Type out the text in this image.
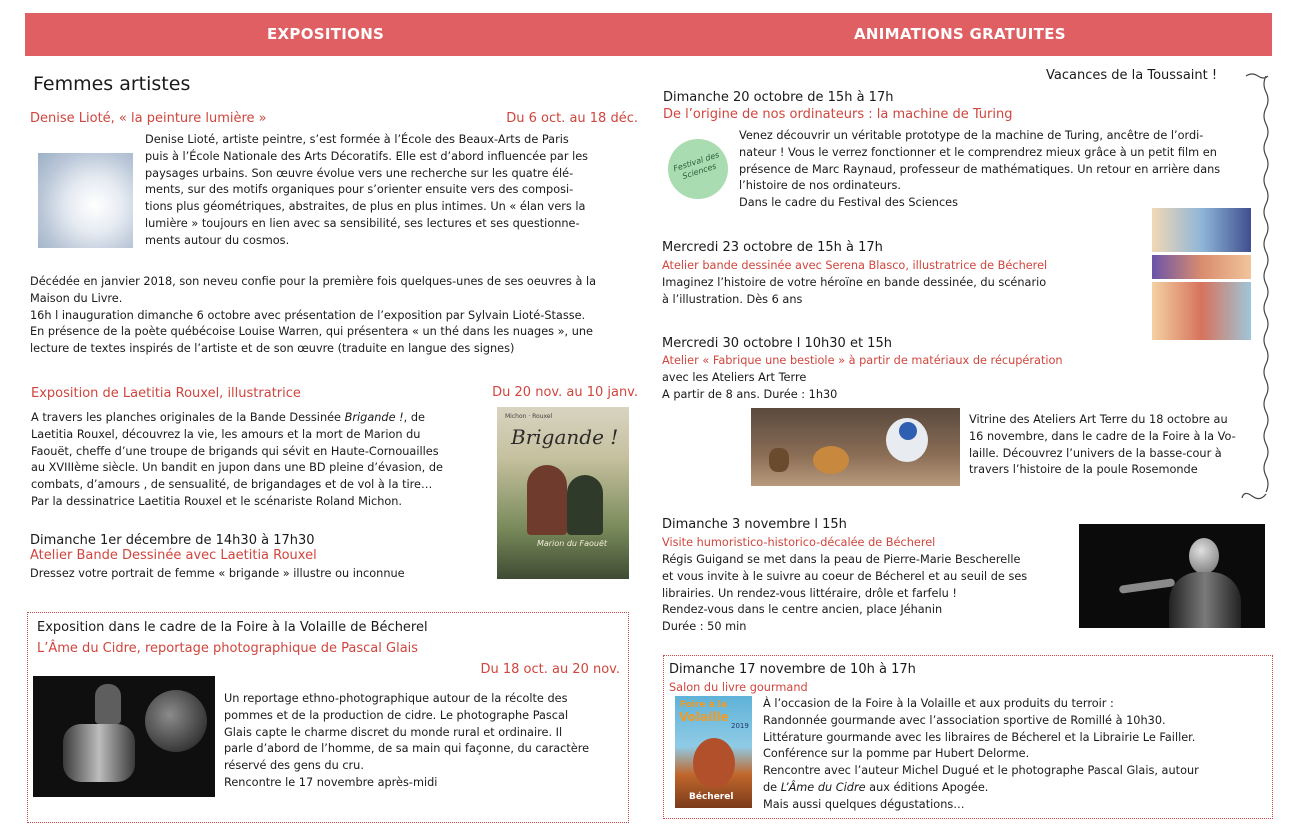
EXPOSITIONS	ANIMATIONS GRATUITES
Femmes artistes
Denise Lioté, « la peinture lumière »	Du 6 oct. au 18 déc.
Denise Lioté, artiste peintre, s’est formée à l’École des Beaux-Arts de Paris
puis à l’École Nationale des Arts Décoratifs. Elle est d’abord influencée par les
paysages urbains. Son œuvre évolue vers une recherche sur les quatre élé-
ments, sur des motifs organiques pour s’orienter ensuite vers des composi-
tions plus géométriques, abstraites, de plus en plus intimes. Un « élan vers la
lumière » toujours en lien avec sa sensibilité, ses lectures et ses questionne-
ments autour du cosmos.
Décédée en janvier 2018, son neveu confie pour la première fois quelques-unes de ses oeuvres à la
Maison du Livre.
16h l inauguration dimanche 6 octobre avec présentation de l’exposition par Sylvain Lioté-Stasse.
En présence de la poète québécoise Louise Warren, qui présentera « un thé dans les nuages », une
lecture de textes inspirés de l’artiste et de son œuvre (traduite en langue des signes)
Exposition de Laetitia Rouxel, illustratrice	Du 20 nov. au 10 janv.
A travers les planches originales de la Bande Dessinée Brigande !, de
Laetitia Rouxel, découvrez la vie, les amours et la mort de Marion du
Faouët, cheffe d’une troupe de brigands qui sévit en Haute-Cornouailles
au XVIIIème siècle. Un bandit en jupon dans une BD pleine d’évasion, de
combats, d’amours , de sensualité, de brigandages et de vol à la tire…
Par la dessinatrice Laetitia Rouxel et le scénariste Roland Michon.
Michon · Rouxel
Brigande !
Marion du Faouët
Dimanche 1er décembre de 14h30 à 17h30
Atelier Bande Dessinée avec Laetitia Rouxel
Dressez votre portrait de femme « brigande » illustre ou inconnue
Exposition dans le cadre de la Foire à la Volaille de Bécherel
L’Âme du Cidre, reportage photographique de Pascal Glais
Du 18 oct. au 20 nov.
Un reportage ethno-photographique autour de la récolte des
pommes et de la production de cidre. Le photographe Pascal
Glais capte le charme discret du monde rural et ordinaire. Il
parle d’abord de l’homme, de sa main qui façonne, du caractère
réservé des gens du cru.
Rencontre le 17 novembre après-midi
Vacances de la Toussaint !
Dimanche 20 octobre de 15h à 17h
De l’origine de nos ordinateurs : la machine de Turing
Festival des Sciences
Venez découvrir un véritable prototype de la machine de Turing, ancêtre de l’ordi-
nateur ! Vous le verrez fonctionner et le comprendrez mieux grâce à un petit film en
présence de Marc Raynaud, professeur de mathématiques. Un retour en arrière dans
l’histoire de nos ordinateurs.
Dans le cadre du Festival des Sciences
Mercredi 23 octobre de 15h à 17h
Atelier bande dessinée avec Serena Blasco, illustratrice de Bécherel
Imaginez l’histoire de votre héroïne en bande dessinée, du scénario
à l’illustration. Dès 6 ans
Mercredi 30 octobre l 10h30 et 15h
Atelier « Fabrique une bestiole » à partir de matériaux de récupération
avec les Ateliers Art Terre
A partir de 8 ans. Durée : 1h30
Vitrine des Ateliers Art Terre du 18 octobre au
16 novembre, dans le cadre de la Foire à la Vo-
laille. Découvrez l’univers de la basse-cour à
travers l’histoire de la poule Rosemonde
Dimanche 3 novembre l 15h
Visite humoristico-historico-décalée de Bécherel
Régis Guigand se met dans la peau de Pierre-Marie Bescherelle
et vous invite à le suivre au coeur de Bécherel et au seuil de ses
librairies. Un rendez-vous littéraire, drôle et farfelu !
Rendez-vous dans le centre ancien, place Jéhanin
Durée : 50 min
Dimanche 17 novembre de 10h à 17h
Salon du livre gourmand
Foire à la
Volaille
2019
Bécherel
À l’occasion de la Foire à la Volaille et aux produits du terroir :
Randonnée gourmande avec l’association sportive de Romillé à 10h30.
Littérature gourmande avec les libraires de Bécherel et la Librairie Le Failler.
Conférence sur la pomme par Hubert Delorme.
Rencontre avec l’auteur Michel Dugué et le photographe Pascal Glais, autour
de L’Âme du Cidre aux éditions Apogée.
Mais aussi quelques dégustations…
